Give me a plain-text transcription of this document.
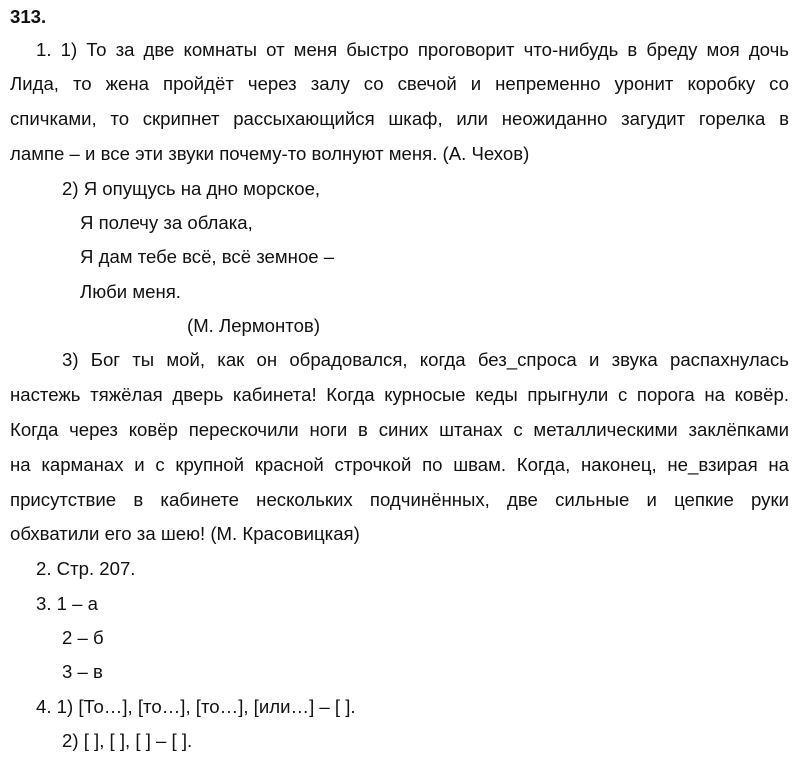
313.
1. 1) То за две комнаты от меня быстро проговорит что-нибудь в бреду моя дочь
Лида, то жена пройдёт через залу со свечой и непременно уронит коробку со
спичками, то скрипнет рассыхающийся шкаф, или неожиданно загудит горелка в
лампе – и все эти звуки почему-то волнуют меня. (А. Чехов)
2) Я опущусь на дно морское,
Я полечу за облака,
Я дам тебе всё, всё земное –
Люби меня.
(М. Лермонтов)
3) Бог ты мой, как он обрадовался, когда без_спроса и звука распахнулась
настежь тяжёлая дверь кабинета! Когда курносые кеды прыгнули с порога на ковёр.
Когда через ковёр перескочили ноги в синих штанах с металлическими заклёпками
на карманах и с крупной красной строчкой по швам. Когда, наконец, не_взирая на
присутствие в кабинете нескольких подчинённых, две сильные и цепкие руки
обхватили его за шею! (М. Красовицкая)
2. Стр. 207.
3. 1 – а
2 – б
3 – в
4. 1) [То…], [то…], [то…], [или…] – [ ].
2) [ ], [ ], [ ] – [ ].
